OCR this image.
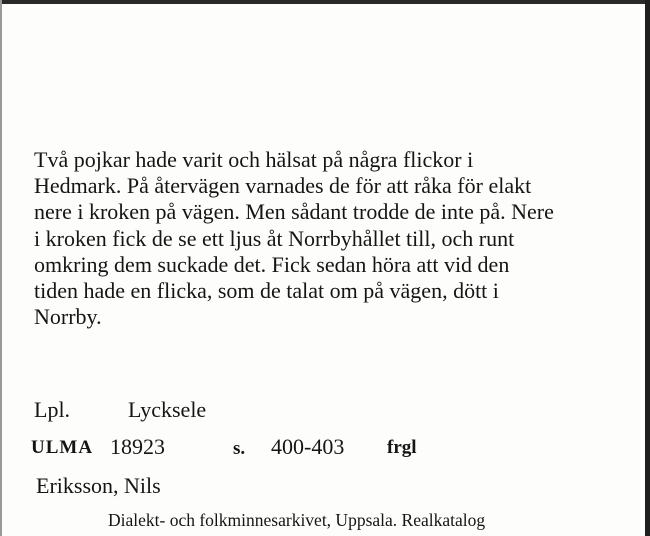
Två pojkar hade varit och hälsat på några flickor i
Hedmark. På återvägen varnades de för att råka för elakt
nere i kroken på vägen. Men sådant trodde de inte på. Nere
i kroken fick de se ett ljus åt Norrbyhållet till, och runt
omkring dem suckade det. Fick sedan höra att vid den
tiden hade en flicka, som de talat om på vägen, dött i
Norrby.

Lpl.	Lycksele
ULMA 18923	s. 400-403 frgl
Eriksson, Nils
Dialekt- och folkminnesarkivet, Uppsala. Realkatalog
